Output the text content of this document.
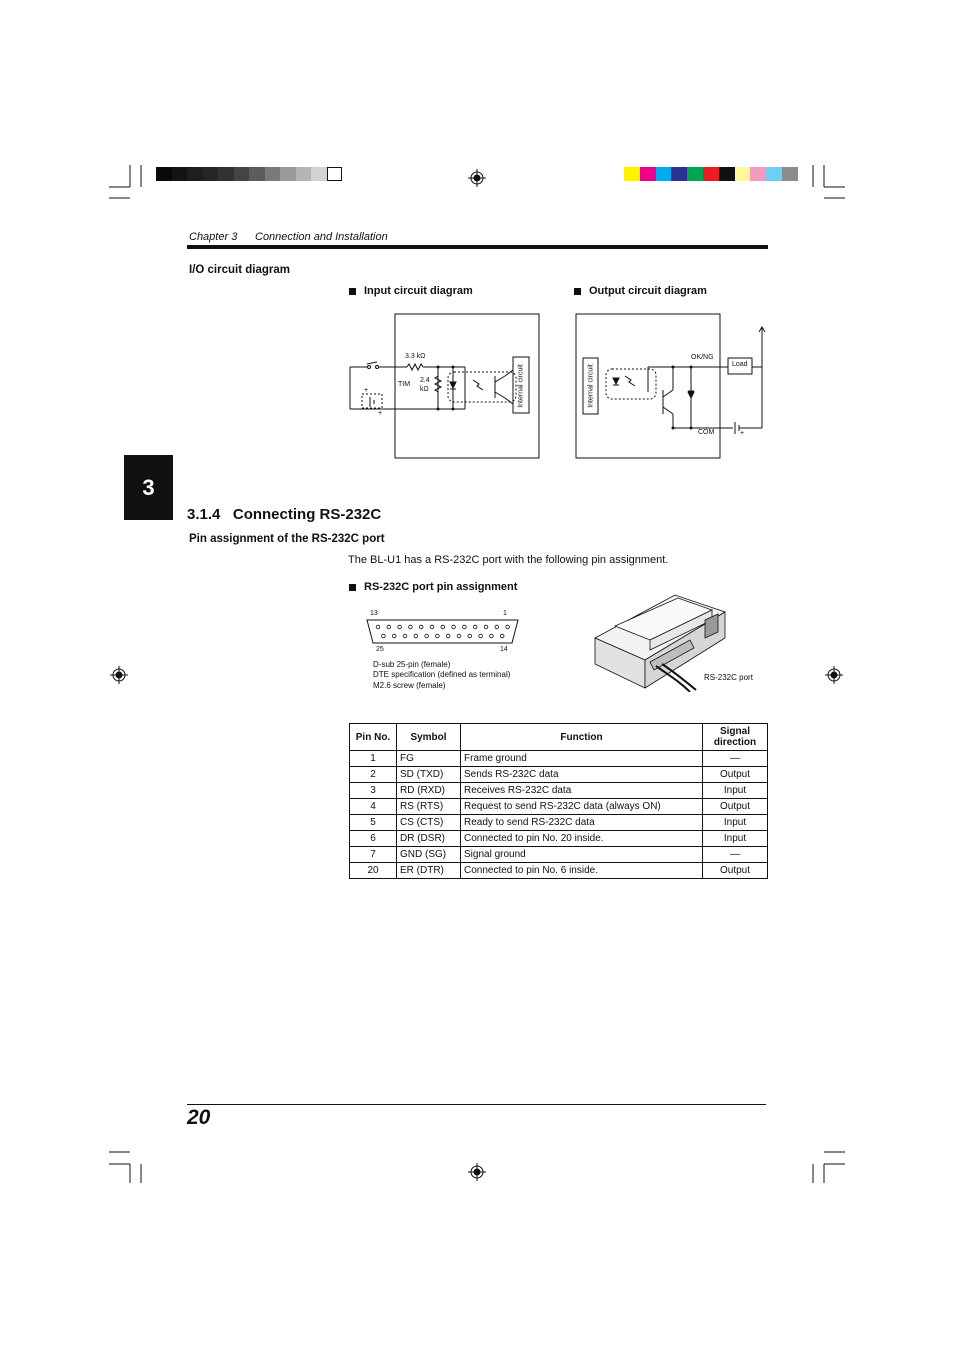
Chapter 3 Connection and Installation
I/O circuit diagram
Input circuit diagram	Output circuit diagram
+
+
3.3 kΩ
TIM
2.4
kΩ	Internal circuit
+
Internal circuit
OK/NG
Load
COM
3
3.1.4   Connecting RS-232C
Pin assignment of the RS-232C port
The BL-U1 has a RS-232C port with the following pin assignment.
RS-232C port pin assignment
13	1
25	14
D-sub 25-pin (female)
DTE specification (defined as terminal)
M2.6 screw (female)
RS-232C port
Pin No.	Symbol	Function	Signal direction
1	FG	Frame ground	—
2	SD (TXD)	Sends RS-232C data	Output
3	RD (RXD)	Receives RS-232C data	Input
4	RS (RTS)	Request to send RS-232C data (always ON)	Output
5	CS (CTS)	Ready to send RS-232C data	Input
6	DR (DSR)	Connected to pin No. 20 inside.	Input
7	GND (SG)	Signal ground	—
20	ER (DTR)	Connected to pin No. 6 inside.	Output
20
